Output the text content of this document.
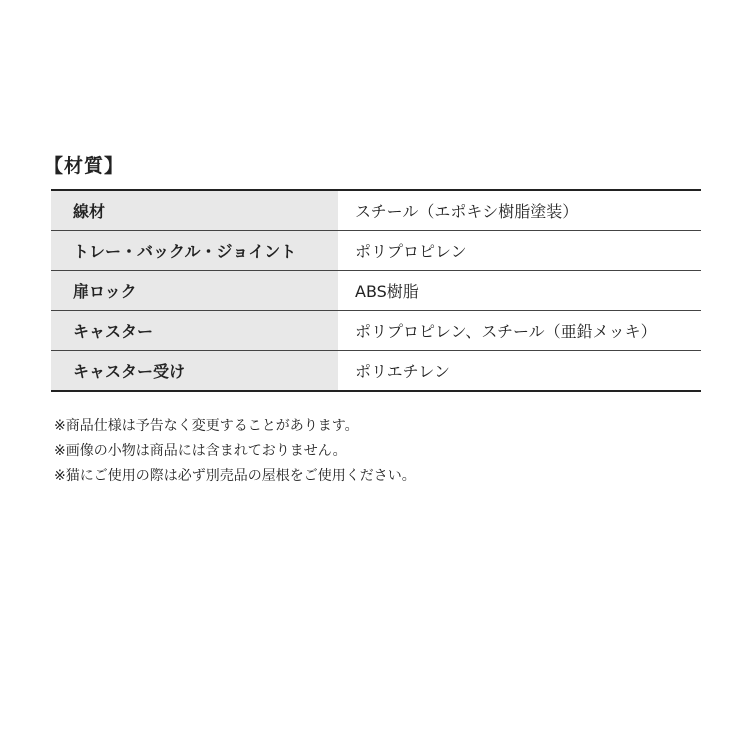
【材質】
線材	スチール（エポキシ樹脂塗装）
トレー・バックル・ジョイント	ポリプロピレン
扉ロック	ABS樹脂
キャスター	ポリプロピレン、スチール（亜鉛メッキ）
キャスター受け	ポリエチレン
※商品仕様は予告なく変更することがあります。
※画像の小物は商品には含まれておりません。
※猫にご使用の際は必ず別売品の屋根をご使用ください。
